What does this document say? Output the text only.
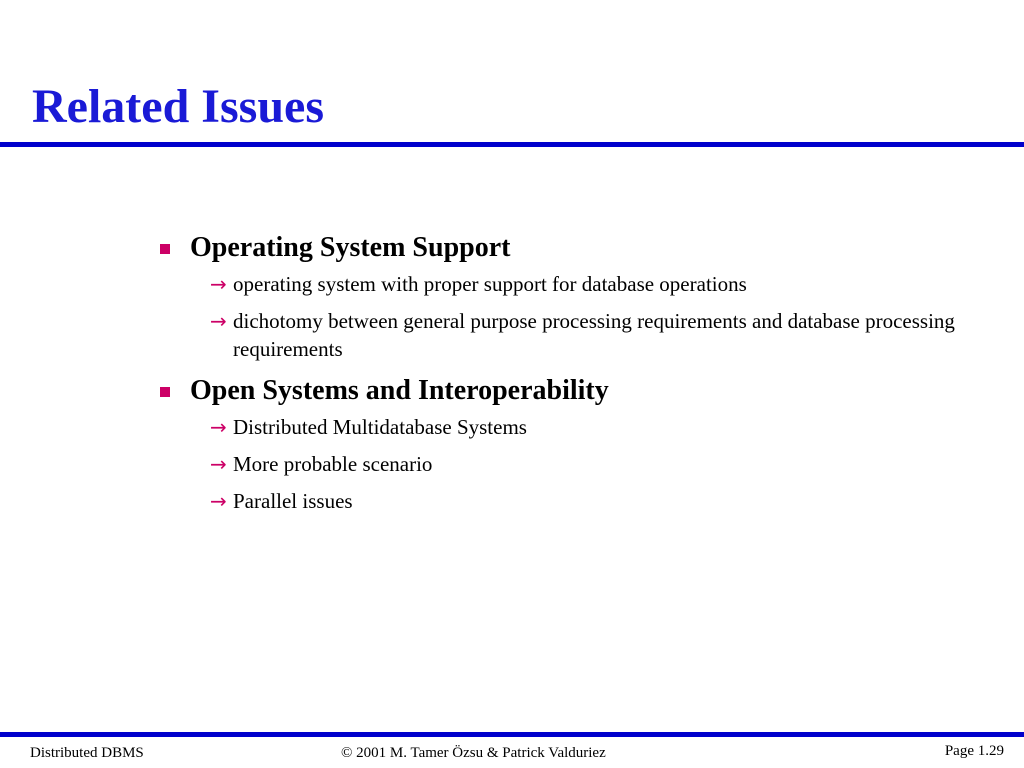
Related Issues
Operating System Support
→ operating system with proper support for database operations
→ dichotomy between general purpose processing requirements and database processing requirements
Open Systems and Interoperability
→ Distributed Multidatabase Systems
→ More probable scenario
→ Parallel issues
Distributed DBMS	© 2001 M. Tamer Özsu & Patrick Valduriez	Page 1.29
